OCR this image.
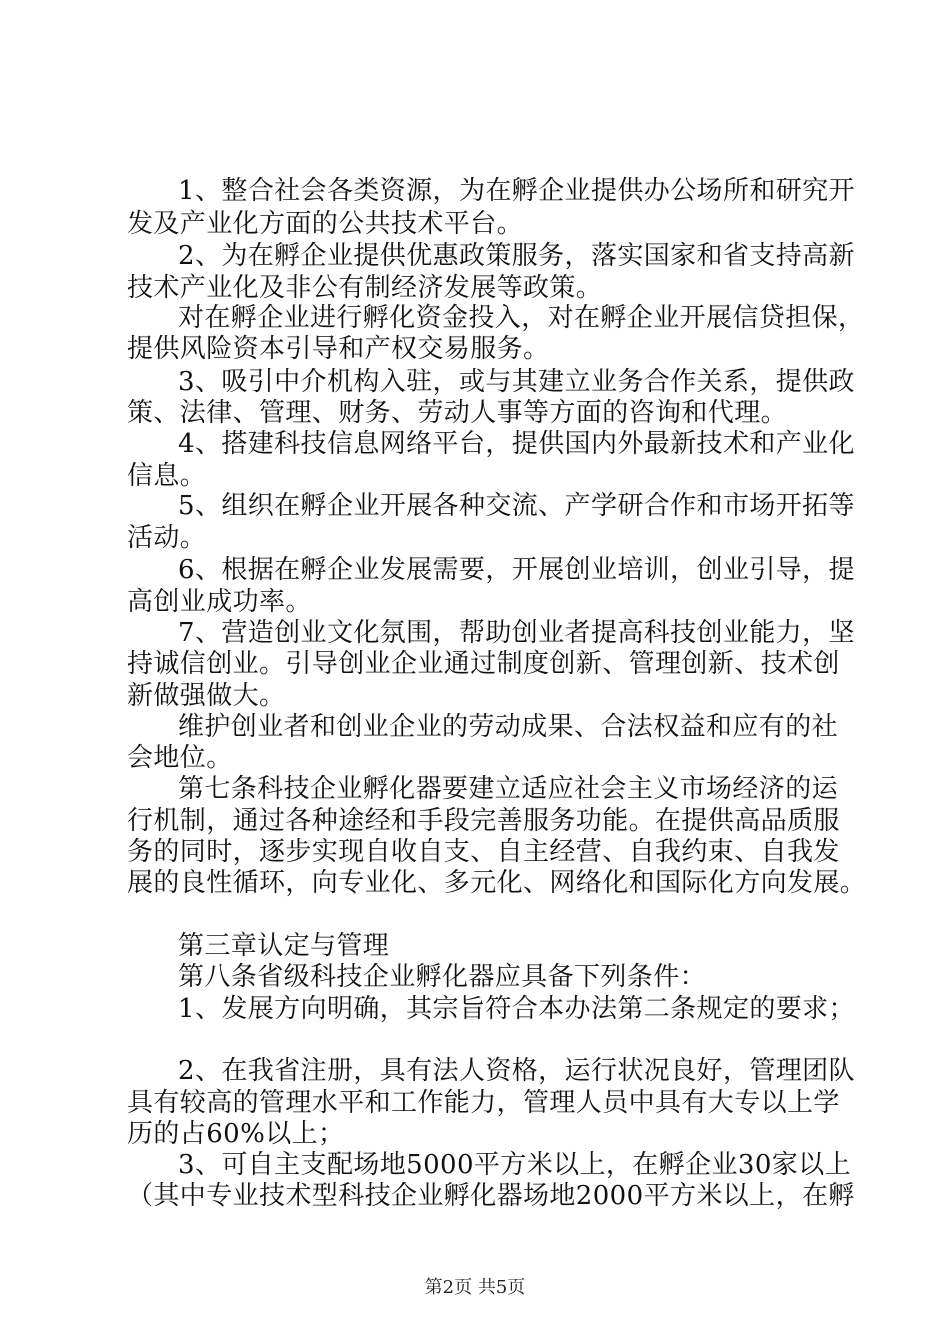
1、整合社会各类资源，为在孵企业提供办公场所和研究开
发及产业化方面的公共技术平台。
2、为在孵企业提供优惠政策服务，落实国家和省支持高新
技术产业化及非公有制经济发展等政策。
对在孵企业进行孵化资金投入，对在孵企业开展信贷担保，
提供风险资本引导和产权交易服务。
3、吸引中介机构入驻，或与其建立业务合作关系，提供政
策、法律、管理、财务、劳动人事等方面的咨询和代理。
4、搭建科技信息网络平台，提供国内外最新技术和产业化
信息。
5、组织在孵企业开展各种交流、产学研合作和市场开拓等
活动。
6、根据在孵企业发展需要，开展创业培训，创业引导，提
高创业成功率。
7、营造创业文化氛围，帮助创业者提高科技创业能力，坚
持诚信创业。引导创业企业通过制度创新、管理创新、技术创
新做强做大。
维护创业者和创业企业的劳动成果、合法权益和应有的社
会地位。
第七条科技企业孵化器要建立适应社会主义市场经济的运
行机制，通过各种途经和手段完善服务功能。在提供高品质服
务的同时，逐步实现自收自支、自主经营、自我约束、自我发
展的良性循环，向专业化、多元化、网络化和国际化方向发展。
第三章认定与管理
第八条省级科技企业孵化器应具备下列条件：
1、发展方向明确，其宗旨符合本办法第二条规定的要求；
2、在我省注册，具有法人资格，运行状况良好，管理团队
具有较高的管理水平和工作能力，管理人员中具有大专以上学
历的占60%以上；
3、可自主支配场地5000平方米以上，在孵企业30家以上
（其中专业技术型科技企业孵化器场地2000平方米以上，在孵
第2页 共5页
